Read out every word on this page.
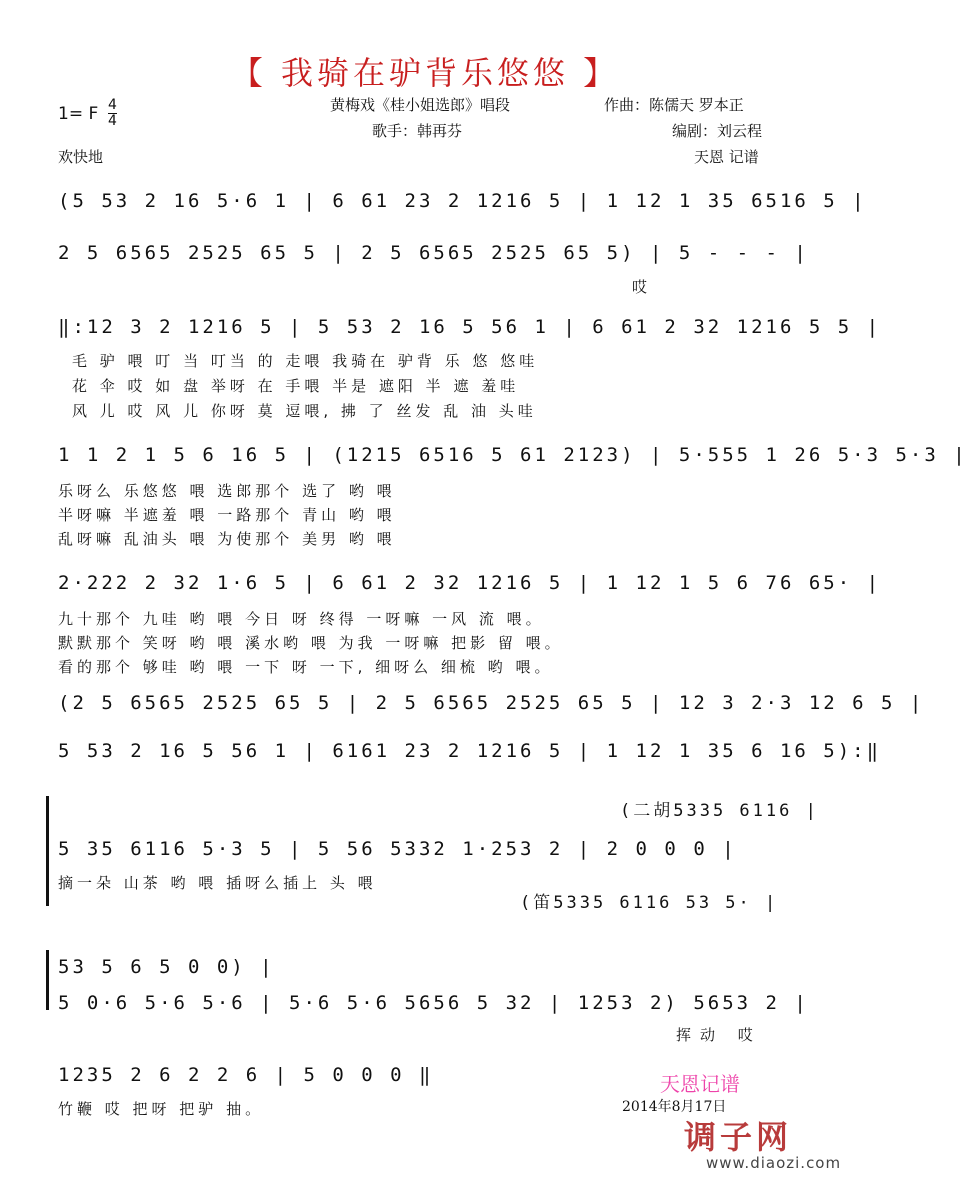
【 我骑在驴背乐悠悠 】
黄梅戏《桂小姐选郎》唱段	作曲：陈儒天 罗本正
歌手：韩再芬	编剧：刘云程
天恩 记谱
1= F $\frac{4}{4}$
欢快地
(5 53 2 16 5·6 1 | 6 61 23 2 1216 5 | 1 12 1 35 6516 5 |
2 5 6565 2525 65 5 | 2 5 6565 2525 65 5) | 5 - - - |
哎
‖:12 3 2 1216 5 | 5 53 2 16 5 56 1 | 6 61 2 32 1216 5 5 |
毛 驴 喂 叮 当 叮当 的 走喂 我骑在 驴背 乐 悠 悠哇
花 伞 哎 如 盘 举呀 在 手喂 半是 遮阳 半 遮 羞哇
风 儿 哎 风 儿 你呀 莫 逗喂, 拂 了 丝发 乱 油 头哇
1 1 2 1 5 6 16 5 | (1215 6516 5 61 2123) | 5·555 1 26 5·3 5·3 |
乐呀么 乐悠悠 喂 选郎那个 选了 哟 喂
半呀嘛 半遮羞 喂 一路那个 青山 哟 喂
乱呀嘛 乱油头 喂 为使那个 美男 哟 喂
2·222 2 32 1·6 5 | 6 61 2 32 1216 5 | 1 12 1 5 6 76 65· |
九十那个 九哇 哟 喂 今日 呀 终得 一呀嘛 一风 流 喂。
默默那个 笑呀 哟 喂 溪水哟 喂 为我 一呀嘛 把影 留 喂。
看的那个 够哇 哟 喂 一下 呀 一下, 细呀么 细梳 哟 喂。
(2 5 6565 2525 65 5 | 2 5 6565 2525 65 5 | 12 3 2·3 12 6 5 |
5 53 2 16 5 56 1 | 6161 23 2 1216 5 | 1 12 1 35 6 16 5):‖
(二胡5335 6116 |
5 35 6116 5·3 5 | 5 56 5332 1·253 2 | 2 0 0 0 |
摘一朵 山茶 哟 喂 插呀么插上 头 喂
(笛5335 6116 53 5· |
53 5 6 5 0 0) |
5 0·6 5·6 5·6 | 5·6 5·6 5656 5 32 | 1253 2) 5653 2 |
挥动 哎
1235 2 6 2 2 6 | 5 0 0 0 ‖
竹鞭 哎 把呀 把驴 抽。
天恩记谱
2014年8月17日
调子网
www.diaozi.com
